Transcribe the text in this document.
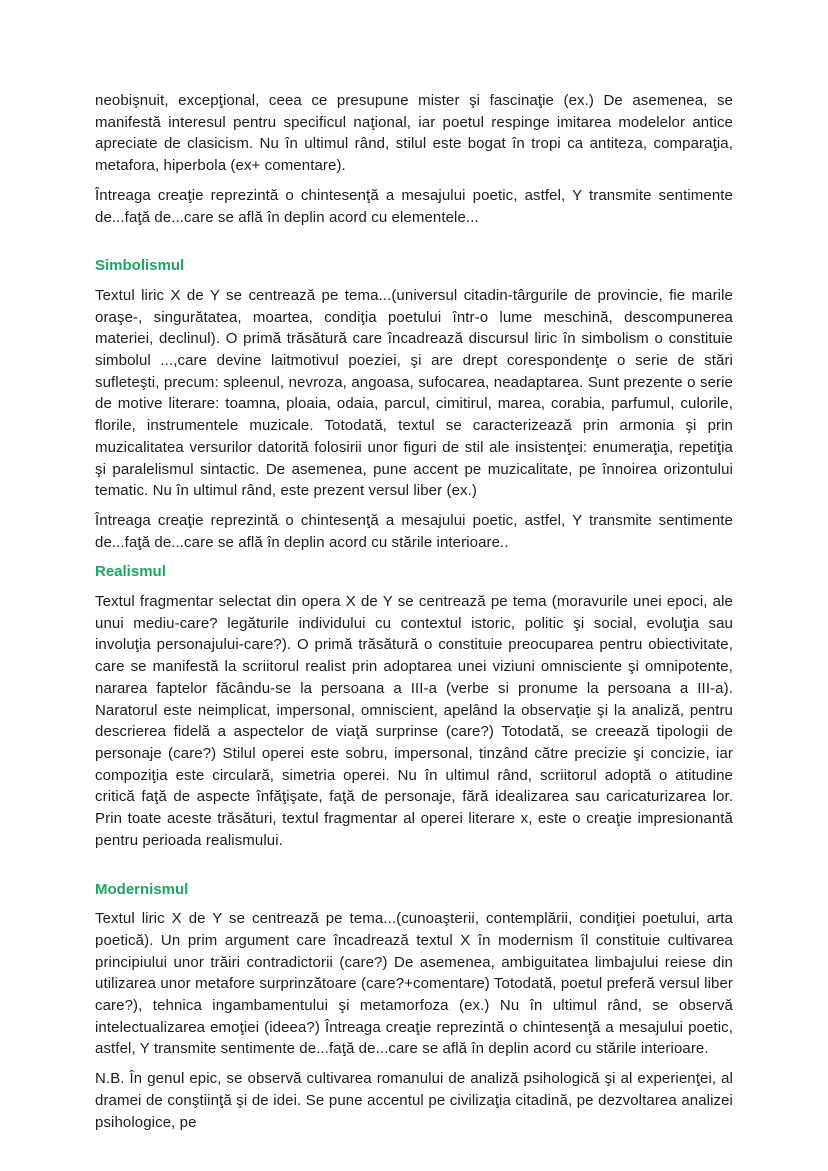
neobişnuit, excepţional, ceea ce presupune mister şi fascinaţie (ex.) De asemenea, se manifestă interesul pentru specificul naţional, iar poetul respinge imitarea modelelor antice apreciate de clasicism. Nu în ultimul rând, stilul este bogat în tropi ca antiteza, comparaţia, metafora, hiperbola (ex+ comentare).

Întreaga creaţie reprezintă o chintesenţă a mesajului poetic, astfel, Y transmite sentimente de...faţă de...care se află în deplin acord cu elementele...

Simbolismul

Textul liric X de Y se centrează pe tema...(universul citadin-târgurile de provincie, fie marile oraşe-, singurătatea, moartea, condiţia poetului într-o lume meschină, descompunerea materiei, declinul). O primă trăsătură care încadrează discursul liric în simbolism o constituie simbolul ...,care devine laitmotivul poeziei, şi are drept corespondenţe o serie de stări sufleteşti, precum: spleenul, nevroza, angoasa, sufocarea, neadaptarea. Sunt prezente o serie de motive literare: toamna, ploaia, odaia, parcul, cimitirul, marea, corabia, parfumul, culorile, florile, instrumentele muzicale. Totodată, textul se caracterizează prin armonia şi prin muzicalitatea versurilor datorită folosirii unor figuri de stil ale insistenţei: enumeraţia, repetiţia şi paralelismul sintactic. De asemenea, pune accent pe muzicalitate, pe înnoirea orizontului tematic. Nu în ultimul rând, este prezent versul liber (ex.)

Întreaga creaţie reprezintă o chintesenţă a mesajului poetic, astfel, Y transmite sentimente de...faţă de...care se află în deplin acord cu stările interioare..

Realismul

Textul fragmentar selectat din opera X de Y se centrează pe tema (moravurile unei epoci, ale unui mediu-care? legăturile individului cu contextul istoric, politic şi social, evoluţia sau involuţia personajului-care?). O primă trăsătură o constituie preocuparea pentru obiectivitate, care se manifestă la scriitorul realist prin adoptarea unei viziuni omnisciente şi omnipotente, nararea faptelor făcându-se la persoana a III-a (verbe si pronume la persoana a III-a). Naratorul este neimplicat, impersonal, omniscient, apelând la observaţie şi la analiză, pentru descrierea fidelă a aspectelor de viaţă surprinse (care?) Totodată, se creează tipologii de personaje (care?) Stilul operei este sobru, impersonal, tinzând către precizie şi concizie, iar compoziţia este circulară, simetria operei. Nu în ultimul rând, scriitorul adoptă o atitudine critică faţă de aspecte înfăţişate, faţă de personaje, fără idealizarea sau caricaturizarea lor. Prin toate aceste trăsături, textul fragmentar al operei literare x, este o creaţie impresionantă pentru perioada realismului.

Modernismul

Textul liric X de Y se centrează pe tema...(cunoaşterii, contemplării, condiţiei poetului, arta poetică). Un prim argument care încadrează textul X în modernism îl constituie cultivarea principiului unor trăiri contradictorii (care?) De asemenea, ambiguitatea limbajului reiese din utilizarea unor metafore surprinzătoare (care?+comentare) Totodată, poetul preferă versul liber care?), tehnica ingambamentului şi metamorfoza (ex.) Nu în ultimul rând, se observă intelectualizarea emoţiei (ideea?) Întreaga creaţie reprezintă o chintesenţă a mesajului poetic, astfel, Y transmite sentimente de...faţă de...care se află în deplin acord cu stările interioare.

N.B. În genul epic, se observă cultivarea romanului de analiză psihologică şi al experienţei, al dramei de conştiinţă şi de idei. Se pune accentul pe civilizaţia citadină, pe dezvoltarea analizei psihologice, pe
